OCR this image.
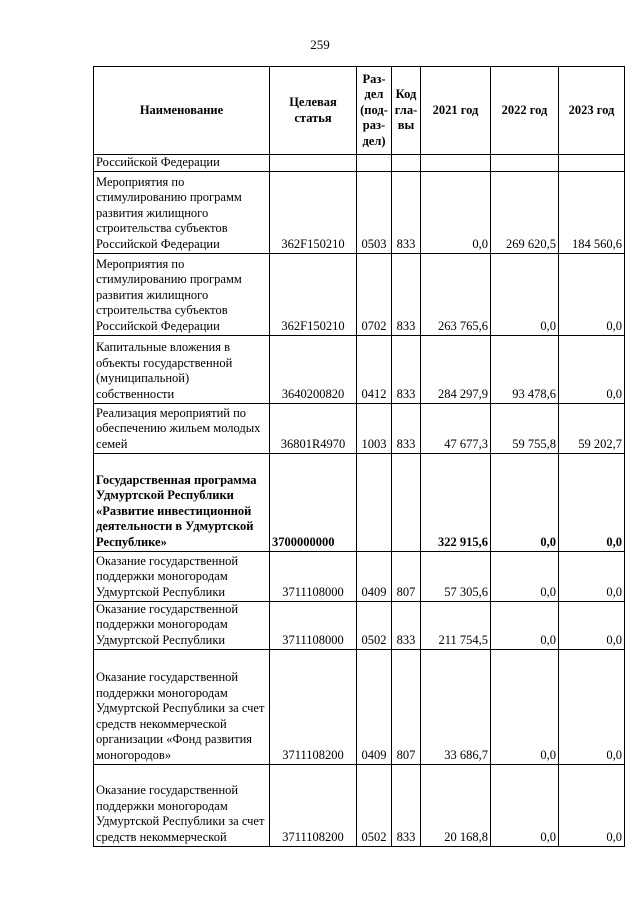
259
Наименование	Целевая статья	Раз-дел (под-раз-дел)	Код гла-вы	2021 год	2022 год	2023 год
Российской Федерации						
Мероприятия по стимулированию программ развития жилищного строительства субъектов Российской Федерации	362F150210	0503	833	0,0	269 620,5	184 560,6
Мероприятия по стимулированию программ развития жилищного строительства субъектов Российской Федерации	362F150210	0702	833	263 765,6	0,0	0,0
Капитальные вложения в объекты государственной (муниципальной) собственности	3640200820	0412	833	284 297,9	93 478,6	0,0
Реализация мероприятий по обеспечению жильем молодых семей	36801R4970	1003	833	47 677,3	59 755,8	59 202,7
Государственная программа Удмуртской Республики «Развитие инвестиционной деятельности в Удмуртской Республике»	3700000000			322 915,6	0,0	0,0
Оказание государственной поддержки моногородам Удмуртской Республики	3711108000	0409	807	57 305,6	0,0	0,0
Оказание государственной поддержки моногородам Удмуртской Республики	3711108000	0502	833	211 754,5	0,0	0,0
Оказание государственной поддержки моногородам Удмуртской Республики за счет средств некоммерческой организации «Фонд развития моногородов»	3711108200	0409	807	33 686,7	0,0	0,0
Оказание государственной поддержки моногородам Удмуртской Республики за счет средств некоммерческой	3711108200	0502	833	20 168,8	0,0	0,0
